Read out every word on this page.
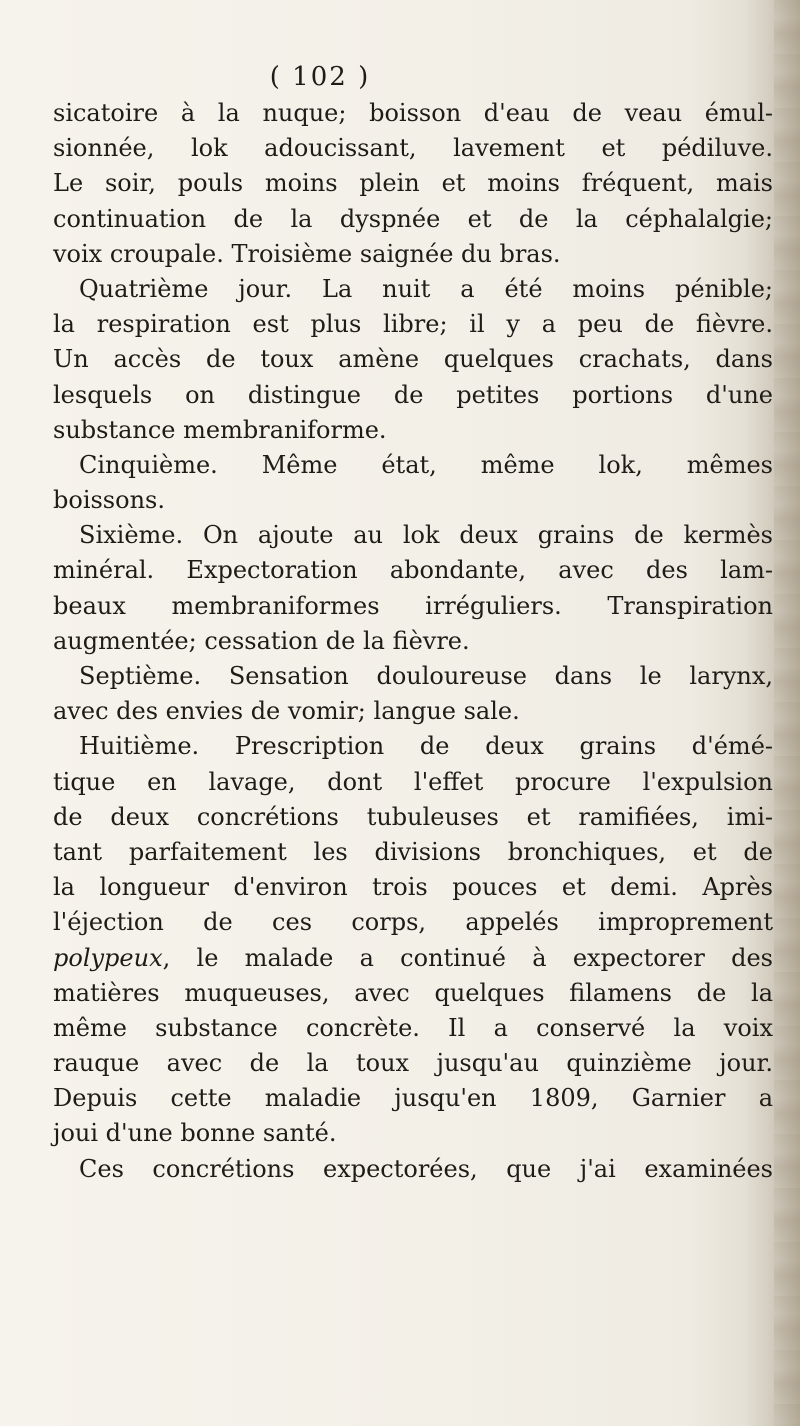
( 102 )
sicatoire à la nuque; boisson d'eau de veau émul-
sionnée, lok adoucissant, lavement et pédiluve.
Le soir, pouls moins plein et moins fréquent, mais
continuation de la dyspnée et de la céphalalgie;
voix croupale. Troisième saignée du bras.
Quatrième jour. La nuit a été moins pénible;
la respiration est plus libre; il y a peu de fièvre.
Un accès de toux amène quelques crachats, dans
lesquels on distingue de petites portions d'une
substance membraniforme.
Cinquième. Même état, même lok, mêmes
boissons.
Sixième. On ajoute au lok deux grains de kermès
minéral. Expectoration abondante, avec des lam-
beaux membraniformes irréguliers. Transpiration
augmentée; cessation de la fièvre.
Septième. Sensation douloureuse dans le larynx,
avec des envies de vomir; langue sale.
Huitième. Prescription de deux grains d'émé-
tique en lavage, dont l'effet procure l'expulsion
de deux concrétions tubuleuses et ramifiées, imi-
tant parfaitement les divisions bronchiques, et de
la longueur d'environ trois pouces et demi. Après
l'éjection de ces corps, appelés improprement
polypeux, le malade a continué à expectorer des
matières muqueuses, avec quelques filamens de la
même substance concrète. Il a conservé la voix
rauque avec de la toux jusqu'au quinzième jour.
Depuis cette maladie jusqu'en 1809, Garnier a
joui d'une bonne santé.
Ces concrétions expectorées, que j'ai examinées
